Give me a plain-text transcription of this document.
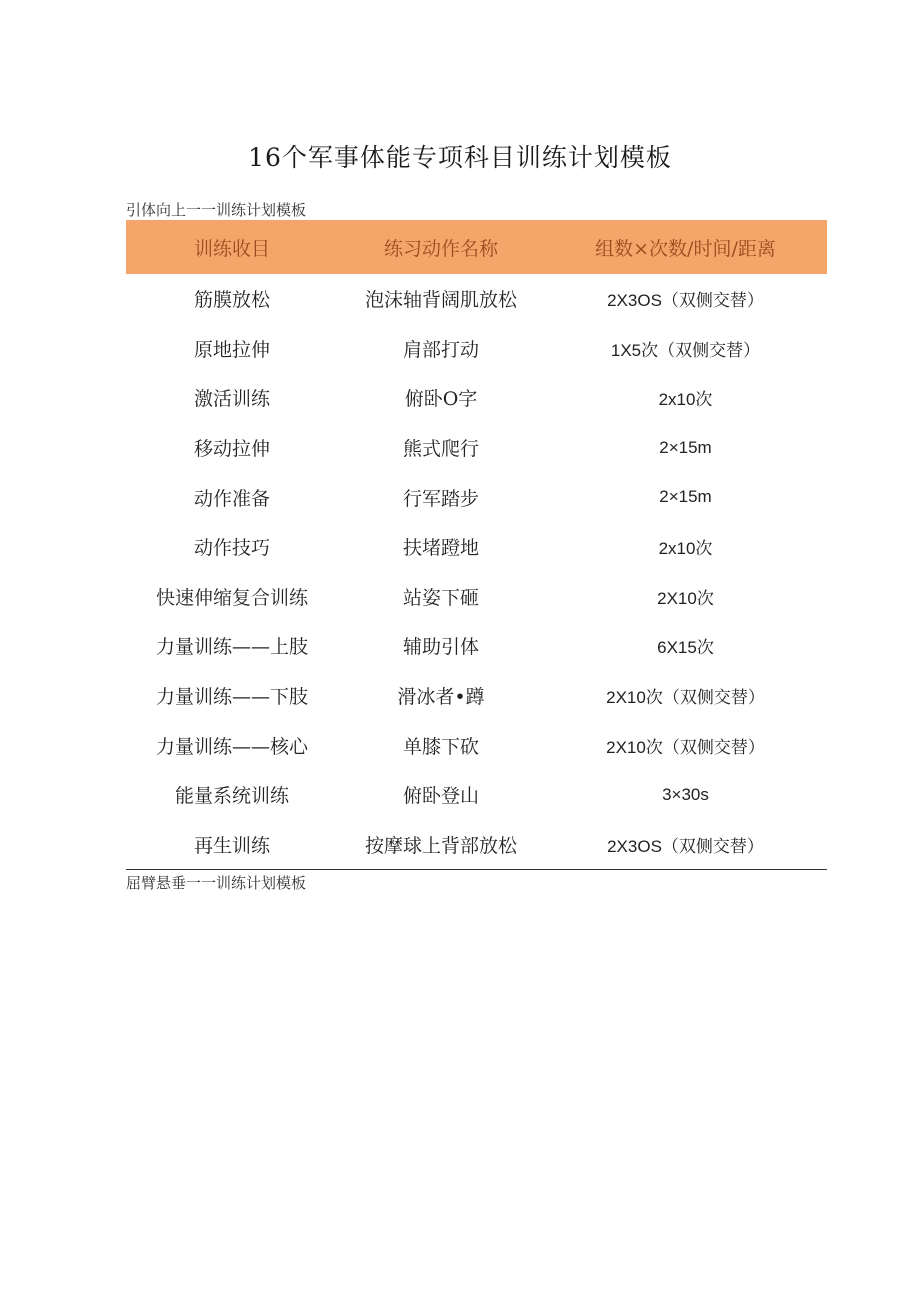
16个军事体能专项科目训练计划模板
引体向上一一训练计划模板
训练收目	练习动作名称	组数×次数/时间/距离
筋膜放松	泡沫轴背阔肌放松	2X3OS（双侧交替）
原地拉伸	肩部打动	1X5次（双侧交替）
激活训练	俯卧O字	2x10次
移动拉伸	熊式爬行	2×15m
动作准备	行军踏步	2×15m
动作技巧	扶堵蹬地	2x10次
快速伸缩复合训练	站姿下砸	2X10次
力量训练——上肢	辅助引体	6X15次
力量训练——下肢	滑冰者•蹲	2X10次（双侧交替）
力量训练——核心	单膝下砍	2X10次（双侧交替）
能量系统训练	俯卧登山	3×30s
再生训练	按摩球上背部放松	2X3OS（双侧交替）
屈臂悬垂一一训练计划模板
